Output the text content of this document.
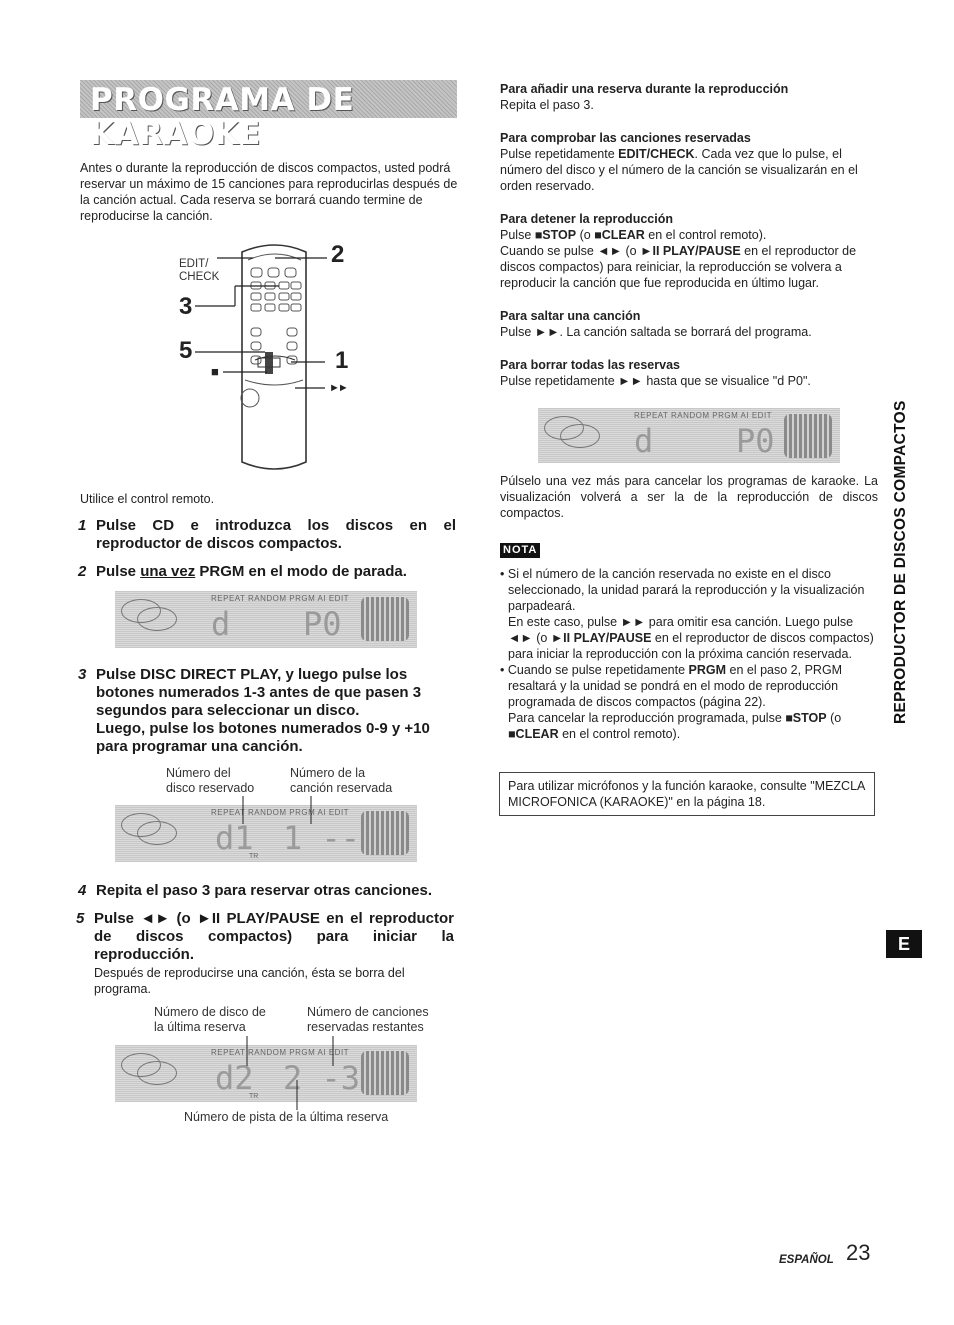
PROGRAMA DE KARAOKE
Antes o durante la reproducción de discos compactos, usted podrá reservar un máximo de 15 canciones para reproducirlas después de la canción actual. Cada reserva se borrará cuando termine de reproducirse la canción.
EDIT/
CHECK
2
3
5	1
■
►►
Utilice el control remoto.
1 Pulse CD e introduzca los discos en el reproductor de discos compactos.
2 Pulse una vez PRGM en el modo de parada.
REPEAT RANDOM PRGM AI EDIT
d P0
3 Pulse DISC DIRECT PLAY, y luego pulse los botones numerados 1-3 antes de que pasen 3 segundos para seleccionar un disco.
Luego, pulse los botones numerados 0-9 y +10 para programar una canción.
Número del
disco reservado
Número de la
canción reservada
REPEAT RANDOM PRGM AI EDIT
d1 1 --
TR
4 Repita el paso 3 para reservar otras canciones.
5 Pulse ◄► (o ►II PLAY/PAUSE en el reproductor de discos compactos) para iniciar la reproducción.
Después de reproducirse una canción, ésta se borra del programa.
Número de disco de
la última reserva
Número de canciones
reservadas restantes
REPEAT RANDOM PRGM AI EDIT
d2 2 -3
TR
Número de pista de la última reserva
Para añadir una reserva durante la reproducción
Repita el paso 3.
Para comprobar las canciones reservadas
Pulse repetidamente EDIT/CHECK. Cada vez que lo pulse, el número del disco y el número de la canción se visualizarán en el orden reservado.
Para detener la reproducción
Pulse ■STOP (o ■CLEAR en el control remoto).
Cuando se pulse ◄► (o ►II PLAY/PAUSE en el reproductor de discos compactos) para reiniciar, la reproducción se volvera a reproducir la canción que fue reproducida en último lugar.
Para saltar una canción
Pulse ►►. La canción saltada se borrará del programa.
Para borrar todas las reservas
Pulse repetidamente ►► hasta que se visualice "d P0".
REPEAT RANDOM PRGM AI EDIT
d	P0
Púlselo una vez más para cancelar los programas de karaoke. La visualización volverá a ser la de la reproducción de discos compactos.
NOTA
• Si el número de la canción reservada no existe en el disco seleccionado, la unidad parará la reproducción y la visualización parpadeará.
En este caso, pulse ►► para omitir esa canción. Luego pulse ◄► (o ►II PLAY/PAUSE en el reproductor de discos compactos) para iniciar la reproducción con la próxima canción reservada.
• Cuando se pulse repetidamente PRGM en el paso 2, PRGM resaltará y la unidad se pondrá en el modo de reproducción programada de discos compactos (página 22).
Para cancelar la reproducción programada, pulse ■STOP (o ■CLEAR en el control remoto).
Para utilizar micrófonos y la función karaoke, consulte "MEZCLA MICROFONICA (KARAOKE)" en la página 18.
REPRODUCTOR DE DISCOS COMPACTOS
E
ESPAÑOL 23
